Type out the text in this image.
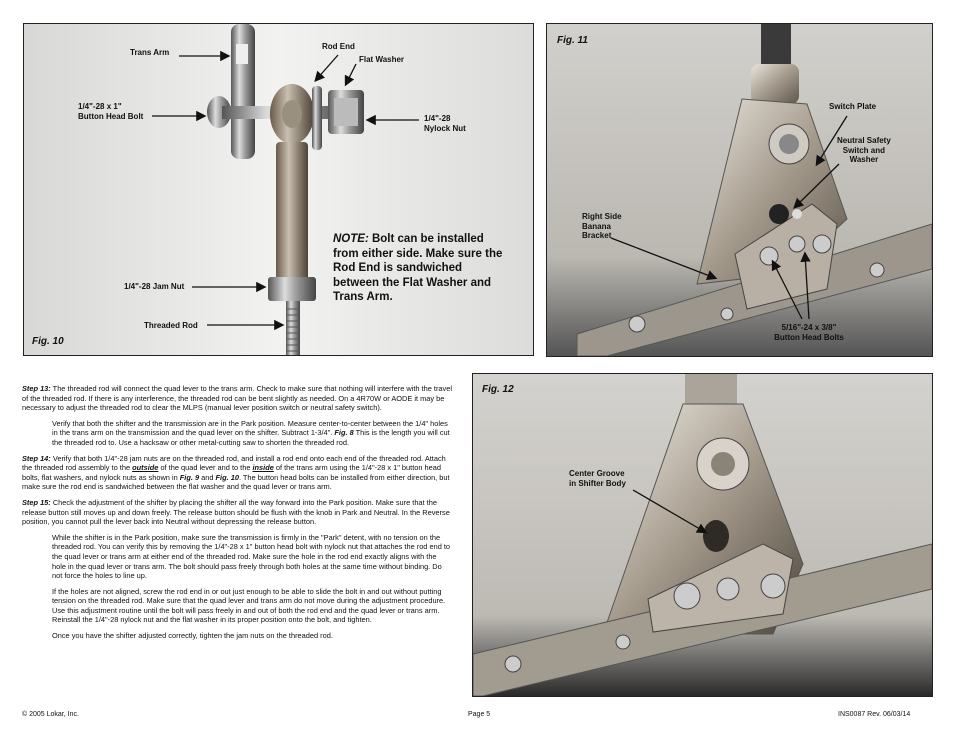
Trans Arm
Rod End
Flat Washer
1/4"-28 x 1"
Button Head Bolt	1/4"-28
Nylock Nut
1/4"-28 Jam Nut
Threaded Rod
NOTE: Bolt can be installed from either side. Make sure the Rod End is sandwiched between the Flat Washer and Trans Arm.
Fig. 10
Fig. 11
Switch Plate
Neutral Safety
Switch and
Washer
Right Side
Banana
Bracket
5/16"-24 x 3/8"
Button Head Bolts
Fig. 12
Center Groove
in Shifter Body
Step 13: The threaded rod will connect the quad lever to the trans arm. Check to make sure that nothing will interfere with the travel of the threaded rod. If there is any interference, the threaded rod can be bent slightly as needed. On a 4R70W or AODE it may be necessary to adjust the threaded rod to clear the MLPS (manual lever position switch or neutral safety switch).
Verify that both the shifter and the transmission are in the Park position. Measure center-to-center between the 1/4" holes in the trans arm on the transmission and the quad lever on the shifter. Subtract 1-3/4". Fig. 8 This is the length you will cut the threaded rod to. Use a hacksaw or other metal-cutting saw to shorten the threaded rod.
Step 14: Verify that both 1/4"-28 jam nuts are on the threaded rod, and install a rod end onto each end of the threaded rod. Attach the threaded rod assembly to the outside of the quad lever and to the inside of the trans arm using the 1/4"-28 x 1" button head bolts, flat washers, and nylock nuts as shown in Fig. 9 and Fig. 10. The button head bolts can be installed from either direction, but make sure the rod end is sandwiched between the flat washer and the quad lever or trans arm.
Step 15: Check the adjustment of the shifter by placing the shifter all the way forward into the Park position. Make sure that the release button still moves up and down freely. The release button should be flush with the knob in Park and Neutral. In the Reverse position, you cannot pull the lever back into Neutral without depressing the release button.
While the shifter is in the Park position, make sure the transmission is firmly in the "Park" detent, with no tension on the threaded rod. You can verify this by removing the 1/4"-28 x 1" button head bolt with nylock nut that attaches the rod end to the quad lever or trans arm at either end of the threaded rod. Make sure the hole in the rod end exactly aligns with the hole in the quad lever or trans arm. The bolt should pass freely through both holes at the same time without binding. Do not force the holes to line up.
If the holes are not aligned, screw the rod end in or out just enough to be able to slide the bolt in and out without putting tension on the threaded rod. Make sure that the quad lever and trans arm do not move during the adjustment procedure. Use this adjustment routine until the bolt will pass freely in and out of both the rod end and the quad lever or trans arm. Reinstall the 1/4"-28 nylock nut and the flat washer in its proper position onto the bolt, and tighten.
Once you have the shifter adjusted correctly, tighten the jam nuts on the threaded rod.
© 2005 Lokar, Inc.	Page 5	INS0087 Rev. 06/03/14
